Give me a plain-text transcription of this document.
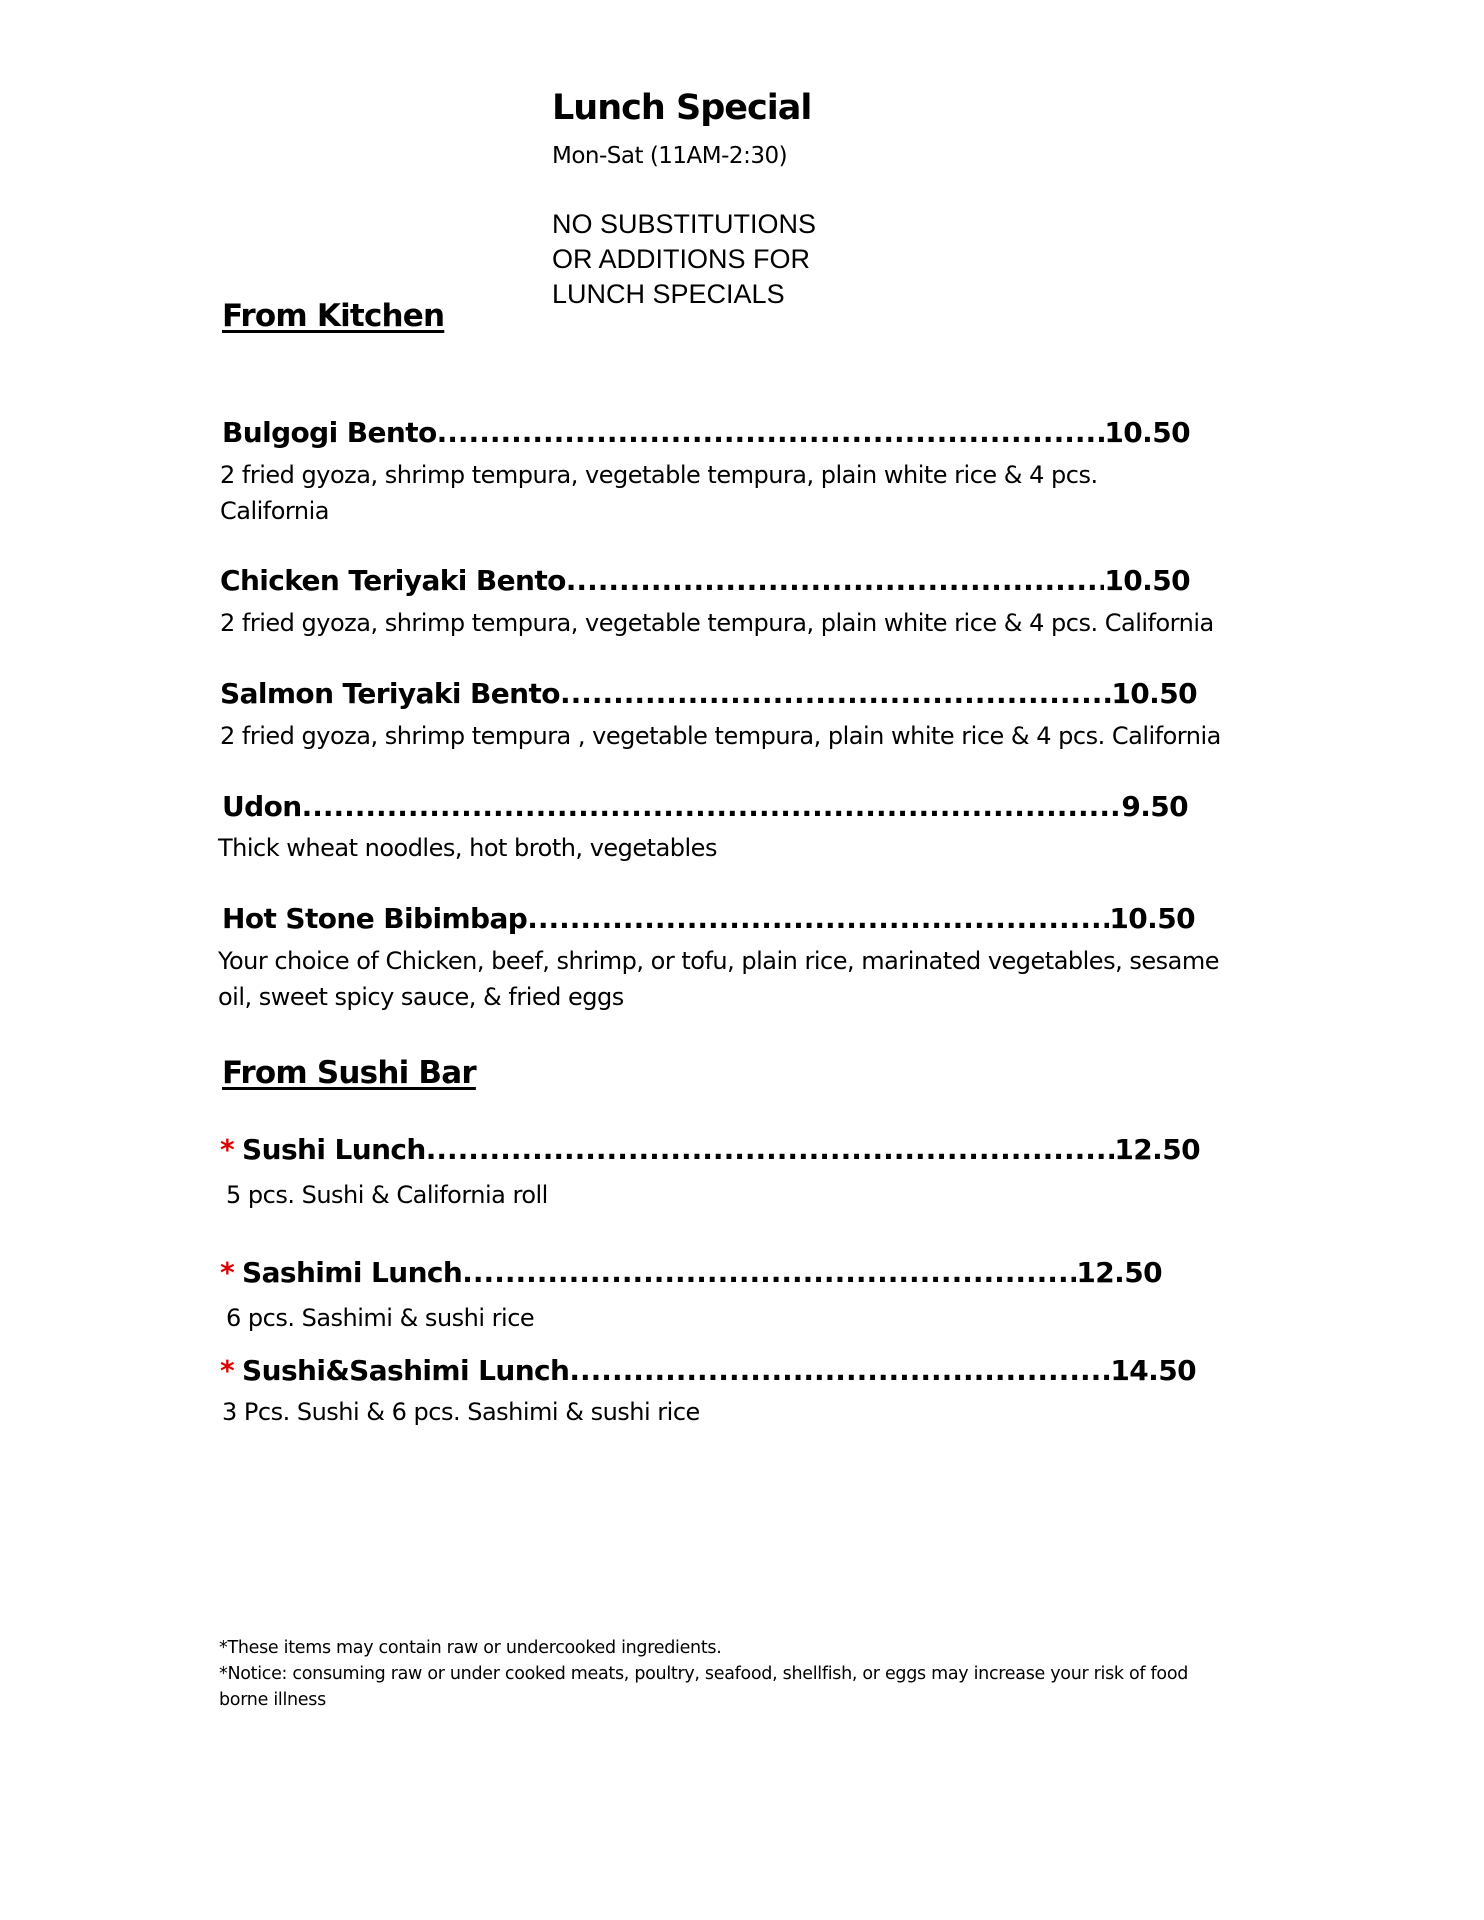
Lunch Special
Mon-Sat (11AM-2:30)
NO SUBSTITUTIONS
OR ADDITIONS FOR
LUNCH SPECIALS
From Kitchen
Bulgogi Bento .....	10.50
2 fried gyoza, shrimp tempura, vegetable tempura, plain white rice & 4 pcs. California
Chicken Teriyaki Bento .....	10.50
2 fried gyoza, shrimp tempura, vegetable tempura, plain white rice & 4 pcs. California
Salmon Teriyaki Bento .....	10.50
2 fried gyoza, shrimp tempura , vegetable tempura, plain white rice & 4 pcs. California
Udon .....	9.50
Thick wheat noodles, hot broth, vegetables
Hot Stone Bibimbap .....	10.50
Your choice of Chicken, beef, shrimp, or tofu, plain rice, marinated vegetables, sesame oil, sweet spicy sauce, & fried eggs
From Sushi Bar
* Sushi Lunch .....	12.50
5 pcs. Sushi & California roll
* Sashimi Lunch .....	12.50
6 pcs. Sashimi & sushi rice
* Sushi&Sashimi Lunch .....	14.50
3 Pcs. Sushi & 6 pcs. Sashimi & sushi rice
*These items may contain raw or undercooked ingredients.
*Notice: consuming raw or under cooked meats, poultry, seafood, shellfish, or eggs may increase your risk of food borne illness
